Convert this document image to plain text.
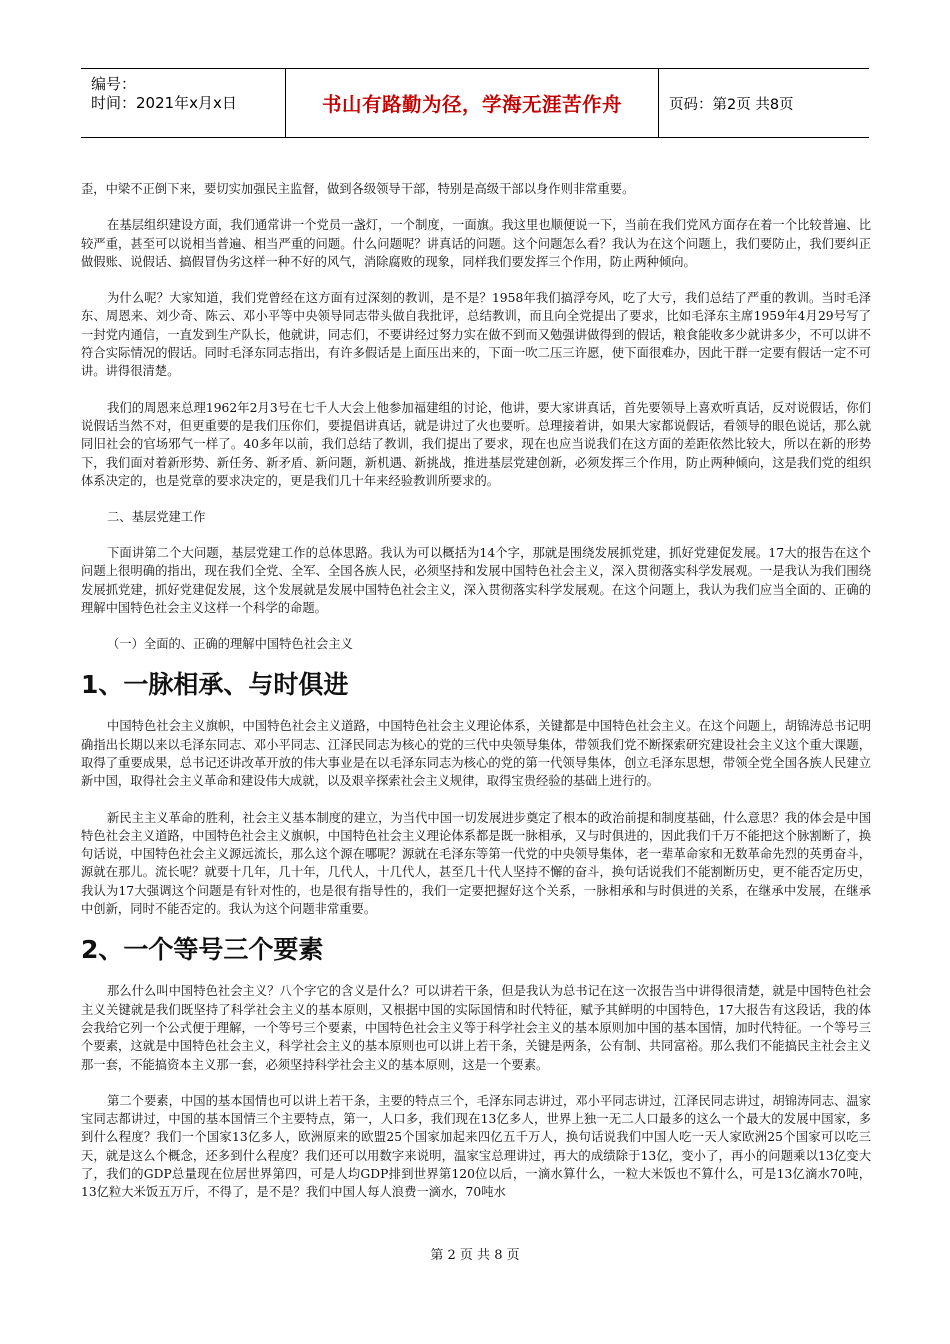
编号：
时间：2021年x月x日	书山有路勤为径，学海无涯苦作舟	页码：第2页 共8页

歪，中梁不正倒下来，要切实加强民主监督，做到各级领导干部，特别是高级干部以身作则非常重要。

在基层组织建设方面，我们通常讲一个党员一盏灯，一个制度，一面旗。我这里也顺便说一下，当前在我们党风方面存在着一个比较普遍、比较严重，甚至可以说相当普遍、相当严重的问题。什么问题呢？讲真话的问题。这个问题怎么看？我认为在这个问题上，我们要防止，我们要纠正做假账、说假话、搞假冒伪劣这样一种不好的风气，消除腐败的现象，同样我们要发挥三个作用，防止两种倾向。

为什么呢？大家知道，我们党曾经在这方面有过深刻的教训，是不是？1958年我们搞浮夸风，吃了大亏，我们总结了严重的教训。当时毛泽东、周恩来、刘少奇、陈云、邓小平等中央领导同志带头做自我批评，总结教训，而且向全党提出了要求，比如毛泽东主席1959年4月29号写了一封党内通信，一直发到生产队长，他就讲，同志们，不要讲经过努力实在做不到而又勉强讲做得到的假话，粮食能收多少就讲多少，不可以讲不符合实际情况的假话。同时毛泽东同志指出，有许多假话是上面压出来的，下面一吹二压三许愿，使下面很难办，因此干群一定要有假话一定不可讲。讲得很清楚。

我们的周恩来总理1962年2月3号在七千人大会上他参加福建组的讨论，他讲，要大家讲真话，首先要领导上喜欢听真话，反对说假话，你们说假话当然不对，但更重要的是我们压你们，要提倡讲真话，就是讲过了火也要听。总理接着讲，如果大家都说假话，看领导的眼色说话，那么就同旧社会的官场邪气一样了。40多年以前，我们总结了教训，我们提出了要求，现在也应当说我们在这方面的差距依然比较大，所以在新的形势下，我们面对着新形势、新任务、新矛盾、新问题，新机遇、新挑战，推进基层党建创新，必须发挥三个作用，防止两种倾向，这是我们党的组织体系决定的，也是党章的要求决定的，更是我们几十年来经验教训所要求的。

二、基层党建工作

下面讲第二个大问题，基层党建工作的总体思路。我认为可以概括为14个字，那就是围绕发展抓党建，抓好党建促发展。17大的报告在这个问题上很明确的指出，现在我们全党、全军、全国各族人民，必须坚持和发展中国特色社会主义，深入贯彻落实科学发展观。一是我认为我们围绕发展抓党建，抓好党建促发展，这个发展就是发展中国特色社会主义，深入贯彻落实科学发展观。在这个问题上，我认为我们应当全面的、正确的理解中国特色社会主义这样一个科学的命题。

（一）全面的、正确的理解中国特色社会主义
1、一脉相承、与时俱进

中国特色社会主义旗帜，中国特色社会主义道路，中国特色社会主义理论体系，关键都是中国特色社会主义。在这个问题上，胡锦涛总书记明确指出长期以来以毛泽东同志、邓小平同志、江泽民同志为核心的党的三代中央领导集体，带领我们党不断探索研究建设社会主义这个重大课题，取得了重要成果，总书记还讲改革开放的伟大事业是在以毛泽东同志为核心的党的第一代领导集体，创立毛泽东思想，带领全党全国各族人民建立新中国，取得社会主义革命和建设伟大成就，以及艰辛探索社会主义规律，取得宝贵经验的基础上进行的。

新民主主义革命的胜利，社会主义基本制度的建立，为当代中国一切发展进步奠定了根本的政治前提和制度基础，什么意思？我的体会是中国特色社会主义道路，中国特色社会主义旗帜，中国特色社会主义理论体系都是既一脉相承，又与时俱进的，因此我们千万不能把这个脉割断了，换句话说，中国特色社会主义源远流长，那么这个源在哪呢？源就在毛泽东等第一代党的中央领导集体，老一辈革命家和无数革命先烈的英勇奋斗，源就在那儿。流长呢？就要十几年，几十年，几代人，十几代人，甚至几十代人坚持不懈的奋斗，换句话说我们不能割断历史，更不能否定历史，我认为17大强调这个问题是有针对性的，也是很有指导性的，我们一定要把握好这个关系，一脉相承和与时俱进的关系，在继承中发展，在继承中创新，同时不能否定的。我认为这个问题非常重要。

2、一个等号三个要素

那么什么叫中国特色社会主义？八个字它的含义是什么？可以讲若干条，但是我认为总书记在这一次报告当中讲得很清楚，就是中国特色社会主义关键就是我们既坚持了科学社会主义的基本原则，又根据中国的实际国情和时代特征，赋予其鲜明的中国特色，17大报告有这段话，我的体会我给它列一个公式便于理解，一个等号三个要素，中国特色社会主义等于科学社会主义的基本原则加中国的基本国情，加时代特征。一个等号三个要素，这就是中国特色社会主义，科学社会主义的基本原则也可以讲上若干条，关键是两条，公有制、共同富裕。那么我们不能搞民主社会主义那一套，不能搞资本主义那一套，必须坚持科学社会主义的基本原则，这是一个要素。

第二个要素，中国的基本国情也可以讲上若干条，主要的特点三个，毛泽东同志讲过，邓小平同志讲过，江泽民同志讲过，胡锦涛同志、温家宝同志都讲过，中国的基本国情三个主要特点，第一，人口多，我们现在13亿多人，世界上独一无二人口最多的这么一个最大的发展中国家，多到什么程度？我们一个国家13亿多人，欧洲原来的欧盟25个国家加起来四亿五千万人，换句话说我们中国人吃一天人家欧洲25个国家可以吃三天，就是这么个概念，还多到什么程度？我们还可以用数字来说明，温家宝总理讲过，再大的成绩除于13亿，变小了，再小的问题乘以13亿变大了，我们的GDP总量现在位居世界第四，可是人均GDP排到世界第120位以后，一滴水算什么，一粒大米饭也不算什么，可是13亿滴水70吨，13亿粒大米饭五万斤，不得了，是不是？我们中国人每人浪费一滴水，70吨水

第 2 页 共 8 页
